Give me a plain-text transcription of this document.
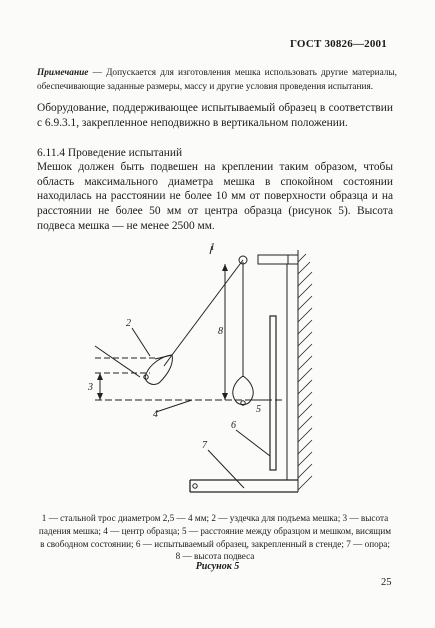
ГОСТ 30826—2001
Примечание — Допускается для изготовления мешка использовать другие материалы, обеспечивающие заданные размеры, массу и другие условия проведения испытания.
Оборудование, поддерживающее испытываемый образец в соответствии с 6.9.3.1, закрепленное неподвижно в вертикальном положении.
6.11.4 Проведение испытаний
Мешок должен быть подвешен на креплении таким образом, чтобы область максимального диаметра мешка в спокойном состоянии находилась на расстоянии не более 10 мм от поверхности образца и на расстоянии не более 50 мм от центра образца (рисунок 5). Высота подвеса мешка — не менее 2500 мм.
1
2
3
4	5
6
7
8
1 — стальной трос диаметром 2,5 — 4 мм; 2 — уздечка для подъема мешка; 3 — высота падения мешка; 4 — центр образца; 5 — расстояние между образцом и мешком, висящим в свободном состоянии; 6 — испытываемый образец, закрепленный в стенде; 7 — опора; 8 — высота подвеса
Рисунок 5
25
